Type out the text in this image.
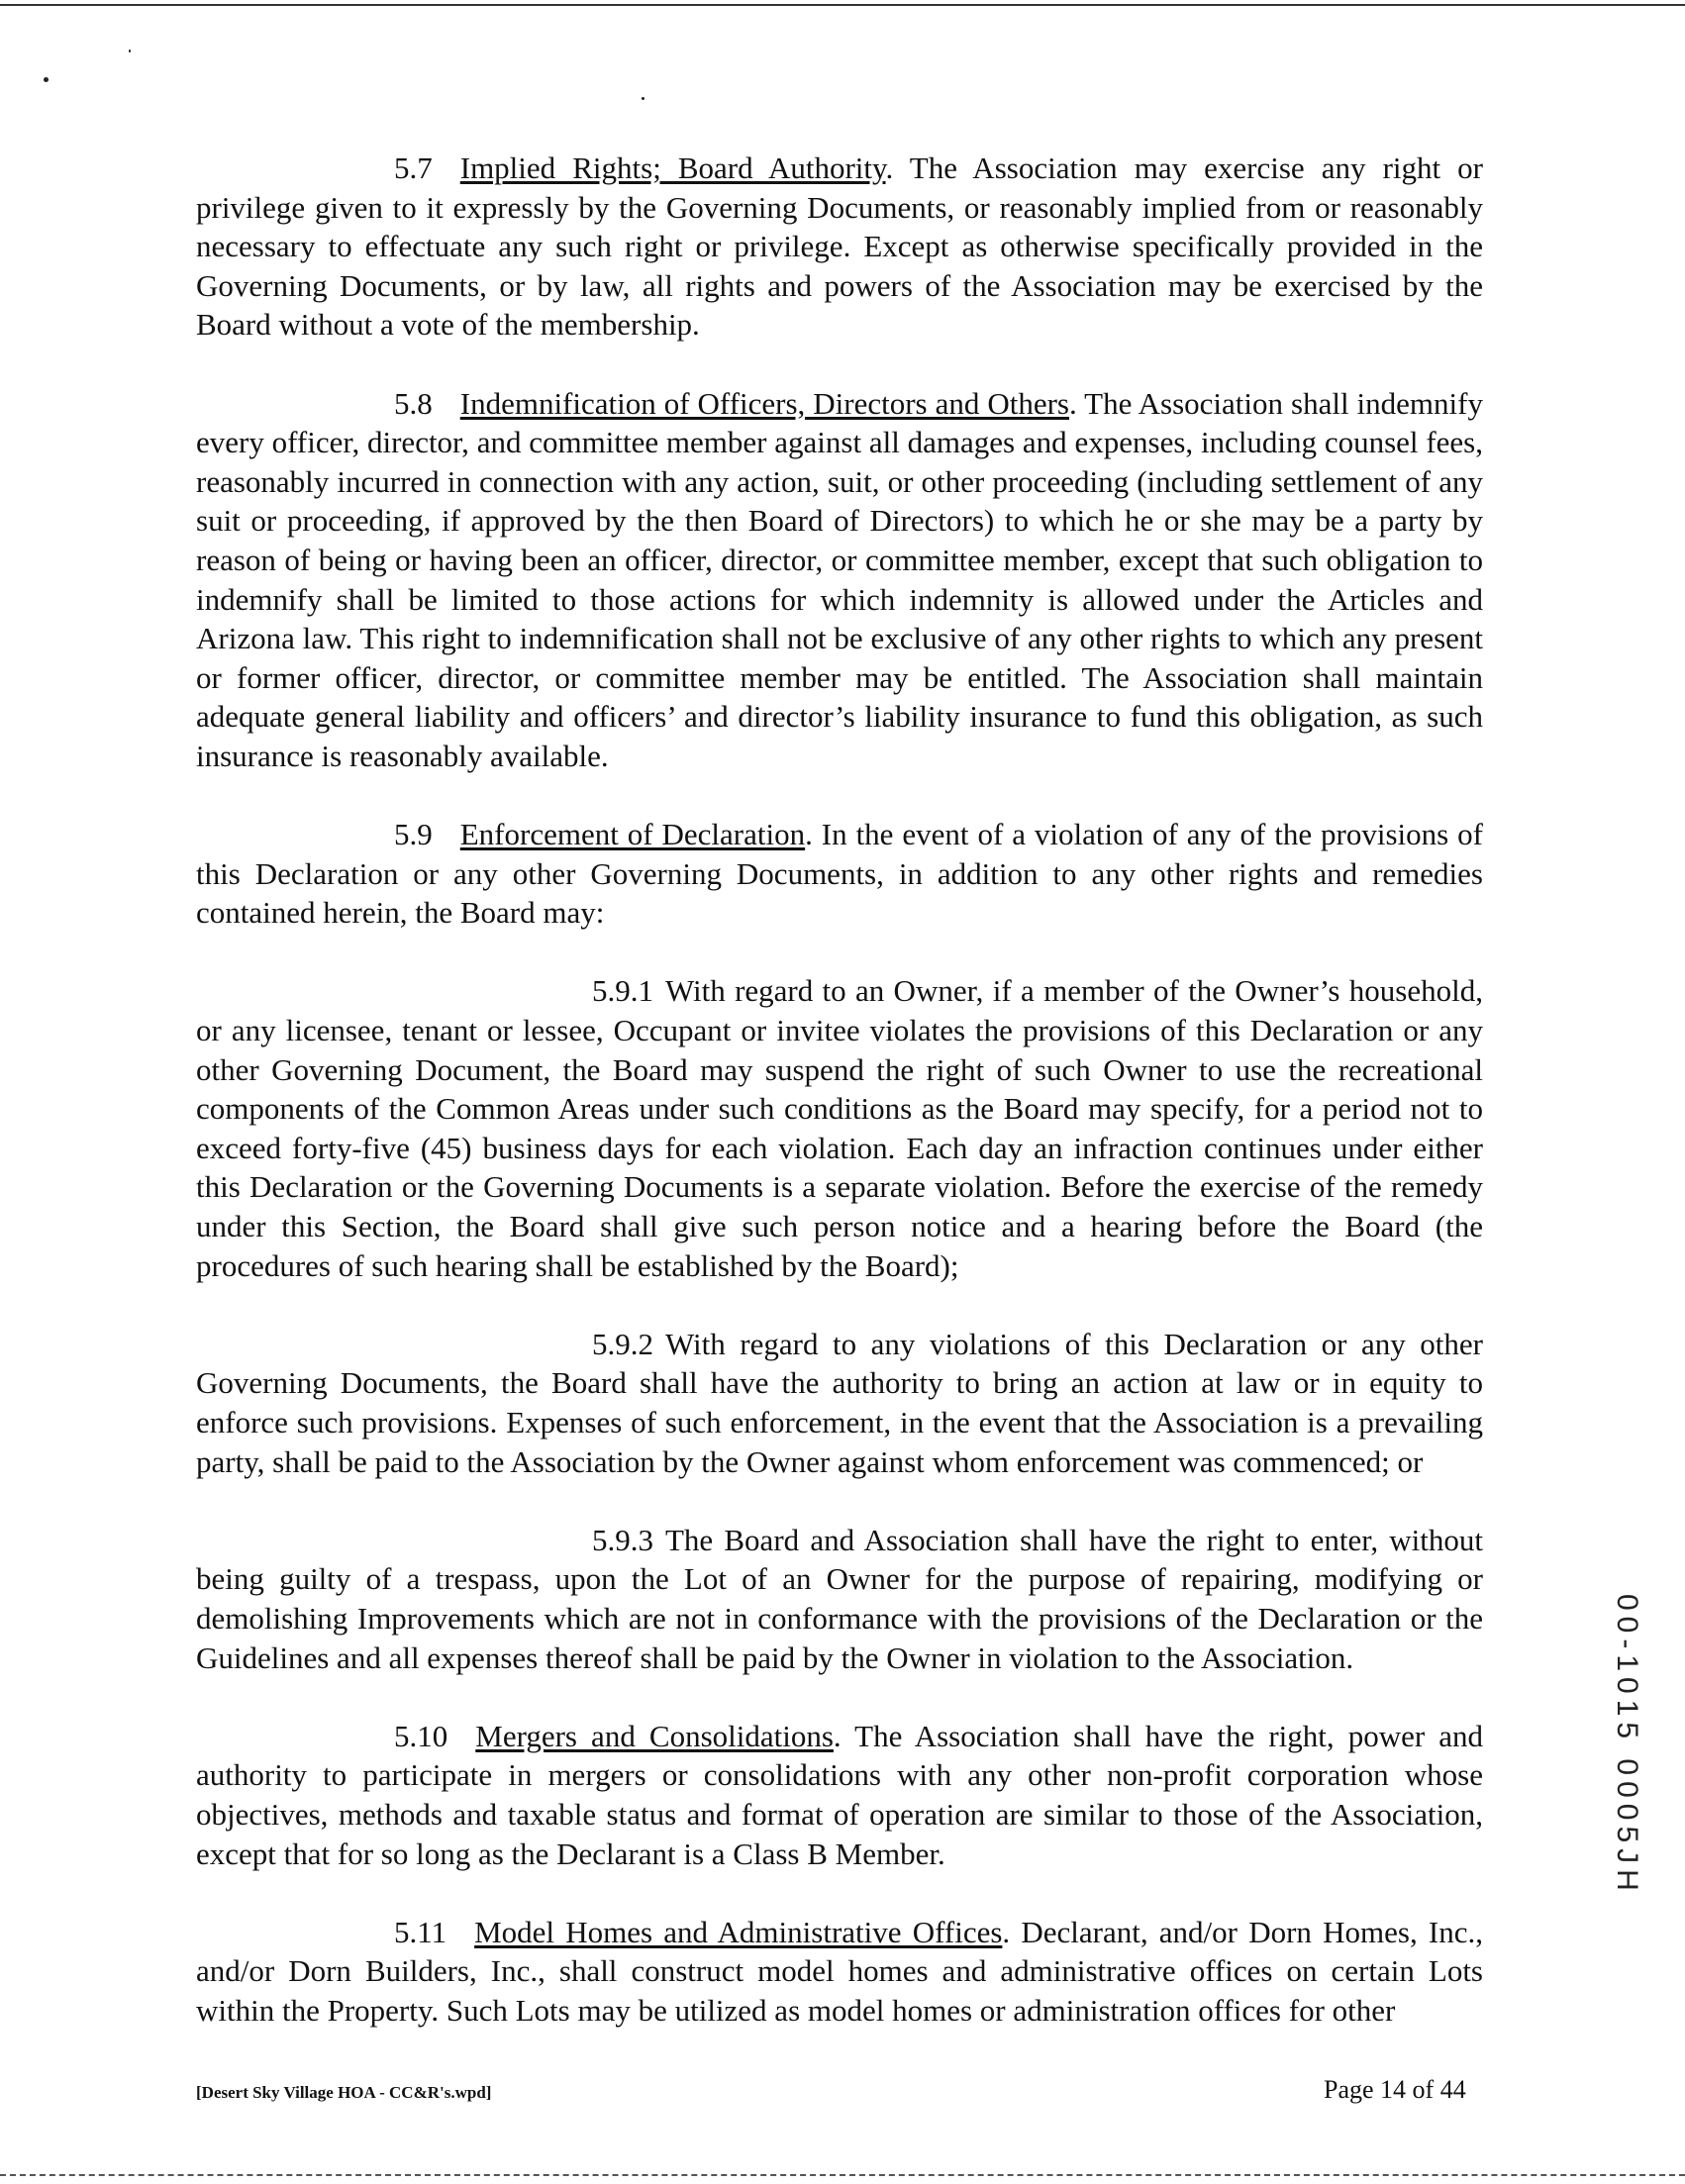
5.7 Implied Rights; Board Authority. The Association may exercise any right or privilege given to it expressly by the Governing Documents, or reasonably implied from or reasonably necessary to effectuate any such right or privilege. Except as otherwise specifically provided in the Governing Documents, or by law, all rights and powers of the Association may be exercised by the Board without a vote of the membership.

5.8 Indemnification of Officers, Directors and Others. The Association shall indemnify every officer, director, and committee member against all damages and expenses, including counsel fees, reasonably incurred in connection with any action, suit, or other proceeding (including settlement of any suit or proceeding, if approved by the then Board of Directors) to which he or she may be a party by reason of being or having been an officer, director, or committee member, except that such obligation to indemnify shall be limited to those actions for which indemnity is allowed under the Articles and Arizona law. This right to indemnification shall not be exclusive of any other rights to which any present or former officer, director, or committee member may be entitled. The Association shall maintain adequate general liability and officers’ and director’s liability insurance to fund this obligation, as such insurance is reasonably available.

5.9 Enforcement of Declaration. In the event of a violation of any of the provisions of this Declaration or any other Governing Documents, in addition to any other rights and remedies contained herein, the Board may:

5.9.1 With regard to an Owner, if a member of the Owner’s household, or any licensee, tenant or lessee, Occupant or invitee violates the provisions of this Declaration or any other Governing Document, the Board may suspend the right of such Owner to use the recreational components of the Common Areas under such conditions as the Board may specify, for a period not to exceed forty-five (45) business days for each violation. Each day an infraction continues under either this Declaration or the Governing Documents is a separate violation. Before the exercise of the remedy under this Section, the Board shall give such person notice and a hearing before the Board (the procedures of such hearing shall be established by the Board);

5.9.2 With regard to any violations of this Declaration or any other Governing Documents, the Board shall have the authority to bring an action at law or in equity to enforce such provisions. Expenses of such enforcement, in the event that the Association is a prevailing party, shall be paid to the Association by the Owner against whom enforcement was commenced; or

5.9.3 The Board and Association shall have the right to enter, without being guilty of a trespass, upon the Lot of an Owner for the purpose of repairing, modifying or demolishing Improvements which are not in conformance with the provisions of the Declaration or the Guidelines and all expenses thereof shall be paid by the Owner in violation to the Association.

5.10 Mergers and Consolidations. The Association shall have the right, power and authority to participate in mergers or consolidations with any other non-profit corporation whose objectives, methods and taxable status and format of operation are similar to those of the Association, except that for so long as the Declarant is a Class B Member.

5.11 Model Homes and Administrative Offices. Declarant, and/or Dorn Homes, Inc., and/or Dorn Builders, Inc., shall construct model homes and administrative offices on certain Lots within the Property. Such Lots may be utilized as model homes or administration offices for other

[Desert Sky Village HOA - CC&R's.wpd]	Page 14 of 44
00-1015 0005JH
